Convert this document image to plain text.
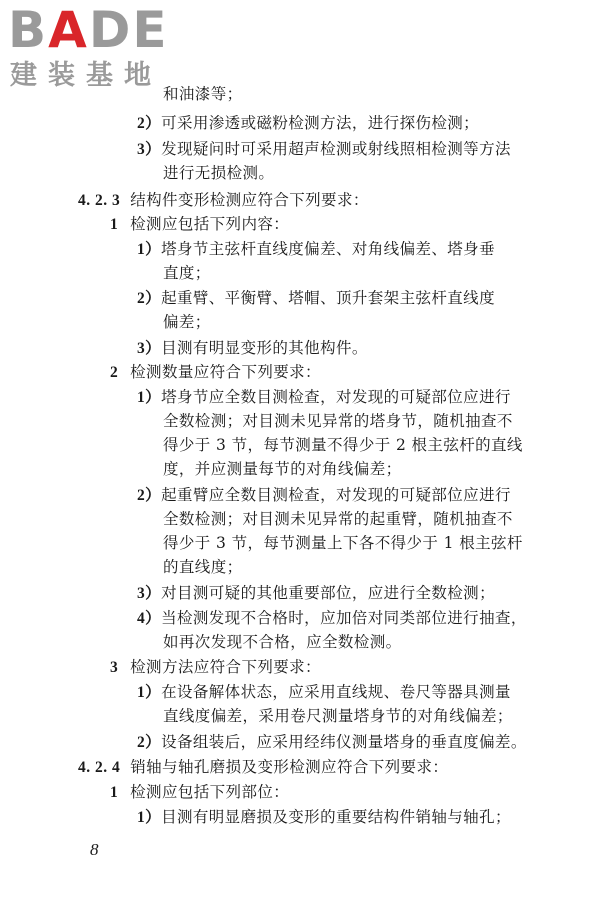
BADE
建装基地
和油漆等；
2）可采用渗透或磁粉检测方法，进行探伤检测；
3）发现疑问时可采用超声检测或射线照相检测等方法
进行无损检测。
4. 2. 3 结构件变形检测应符合下列要求：
1 检测应包括下列内容：
1）塔身节主弦杆直线度偏差、对角线偏差、塔身垂
直度；
2）起重臂、平衡臂、塔帽、顶升套架主弦杆直线度
偏差；
3）目测有明显变形的其他构件。
2 检测数量应符合下列要求：
1）塔身节应全数目测检查，对发现的可疑部位应进行
全数检测；对目测未见异常的塔身节，随机抽查不
得少于 3 节，每节测量不得少于 2 根主弦杆的直线
度，并应测量每节的对角线偏差；
2）起重臂应全数目测检查，对发现的可疑部位应进行
全数检测；对目测未见异常的起重臂，随机抽查不
得少于 3 节，每节测量上下各不得少于 1 根主弦杆
的直线度；
3）对目测可疑的其他重要部位，应进行全数检测；
4）当检测发现不合格时，应加倍对同类部位进行抽查，
如再次发现不合格，应全数检测。
3 检测方法应符合下列要求：
1）在设备解体状态，应采用直线规、卷尺等器具测量
直线度偏差，采用卷尺测量塔身节的对角线偏差；
2）设备组装后，应采用经纬仪测量塔身的垂直度偏差。
4. 2. 4 销轴与轴孔磨损及变形检测应符合下列要求：
1 检测应包括下列部位：
1）目测有明显磨损及变形的重要结构件销轴与轴孔；
8
